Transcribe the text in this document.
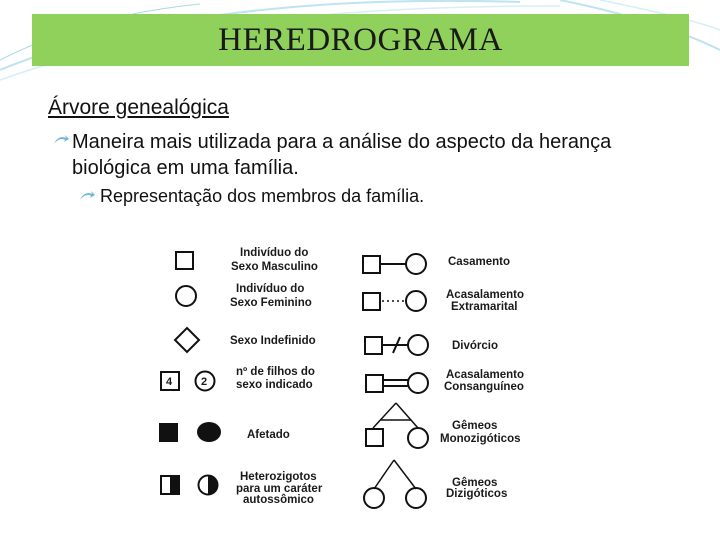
HEREDROGRAMA
Árvore genealógica
Maneira mais utilizada para a análise do aspecto da herança biológica em uma família.
Representação dos membros da família.
Indivíduo do
Sexo Masculino
Indivíduo do
Sexo Feminino
Sexo Indefinido
4	2
nº de filhos do
sexo indicado
Afetado
Heterozigotos
para um caráter
autossômico
Casamento
Acasalamento
Extramarital
Divórcio
Acasalamento
Consanguíneo
Gêmeos
Monozigóticos
Gêmeos
Dizigóticos
